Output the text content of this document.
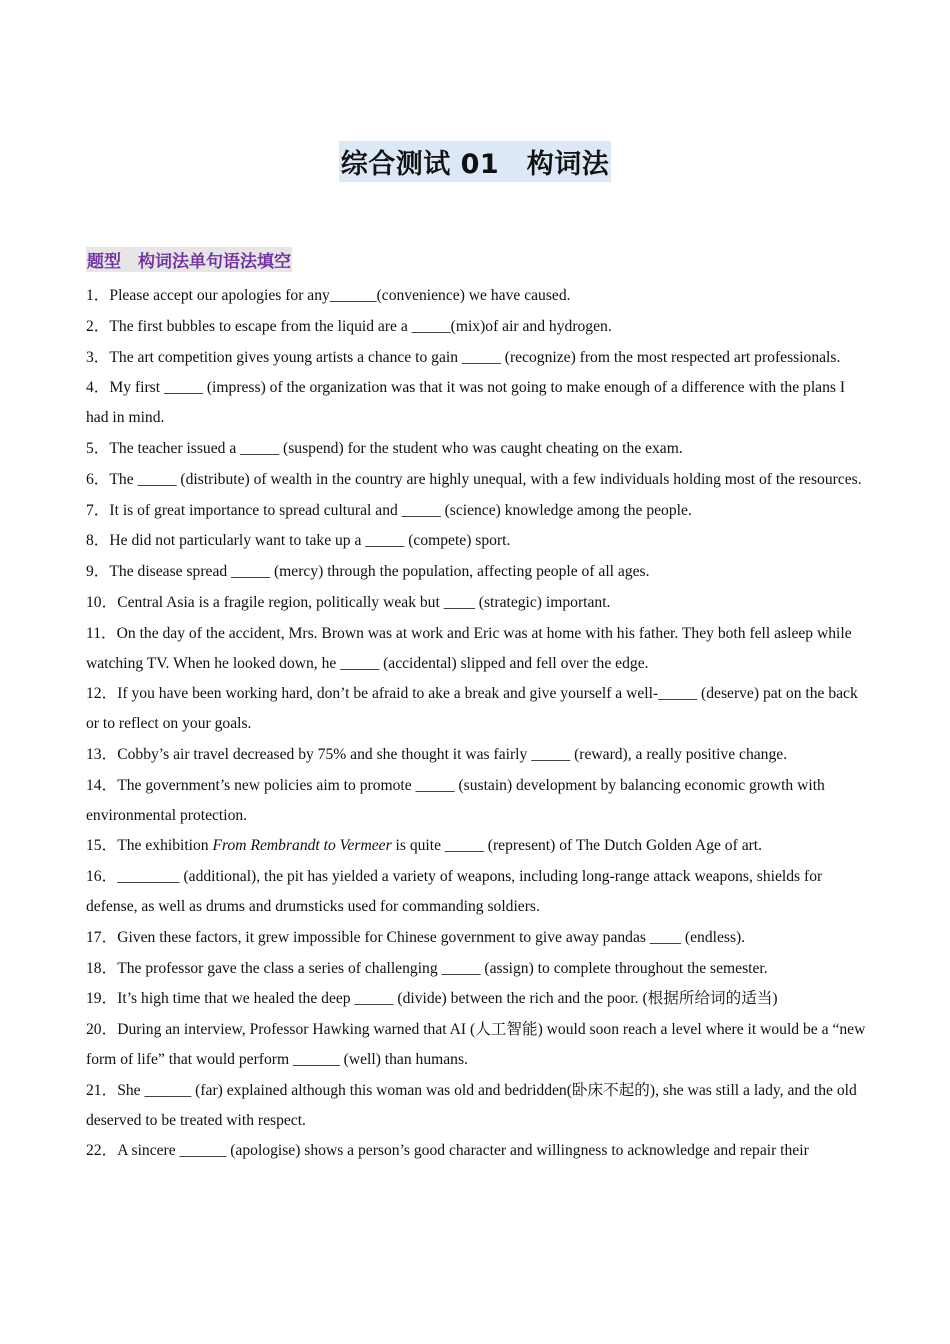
综合测试 01　构词法
题型　构词法单句语法填空
1．Please accept our apologies for any______(convenience) we have caused.
2．The first bubbles to escape from the liquid are a _____(mix)of air and hydrogen.
3．The art competition gives young artists a chance to gain _____ (recognize) from the most respected art professionals.
4．My first _____ (impress) of the organization was that it was not going to make enough of a difference with the plans I had in mind.
5．The teacher issued a _____ (suspend) for the student who was caught cheating on the exam.
6．The _____ (distribute) of wealth in the country are highly unequal, with a few individuals holding most of the resources.
7．It is of great importance to spread cultural and _____ (science) knowledge among the people.
8．He did not particularly want to take up a _____ (compete) sport.
9．The disease spread _____ (mercy) through the population, affecting people of all ages.
10．Central Asia is a fragile region, politically weak but ____ (strategic) important.
11．On the day of the accident, Mrs. Brown was at work and Eric was at home with his father. They both fell asleep while watching TV. When he looked down, he _____ (accidental) slipped and fell over the edge.
12．If you have been working hard, don’t be afraid to ake a break and give yourself a well-_____ (deserve) pat on the back or to reflect on your goals.
13．Cobby’s air travel decreased by 75% and she thought it was fairly _____ (reward), a really positive change.
14．The government’s new policies aim to promote _____ (sustain) development by balancing economic growth with environmental protection.
15．The exhibition From Rembrandt to Vermeer is quite _____ (represent) of The Dutch Golden Age of art.
16．________ (additional), the pit has yielded a variety of weapons, including long-range attack weapons, shields for defense, as well as drums and drumsticks used for commanding soldiers.
17．Given these factors, it grew impossible for Chinese government to give away pandas ____ (endless).
18．The professor gave the class a series of challenging _____ (assign) to complete throughout the semester.
19．It’s high time that we healed the deep _____ (divide) between the rich and the poor. (根据所给词的适当)
20．During an interview, Professor Hawking warned that AI (人工智能) would soon reach a level where it would be a “new form of life” that would perform ______ (well) than humans.
21．She ______ (far) explained although this woman was old and bedridden(卧床不起的), she was still a lady, and the old deserved to be treated with respect.
22．A sincere ______ (apologise) shows a person’s good character and willingness to acknowledge and repair their
